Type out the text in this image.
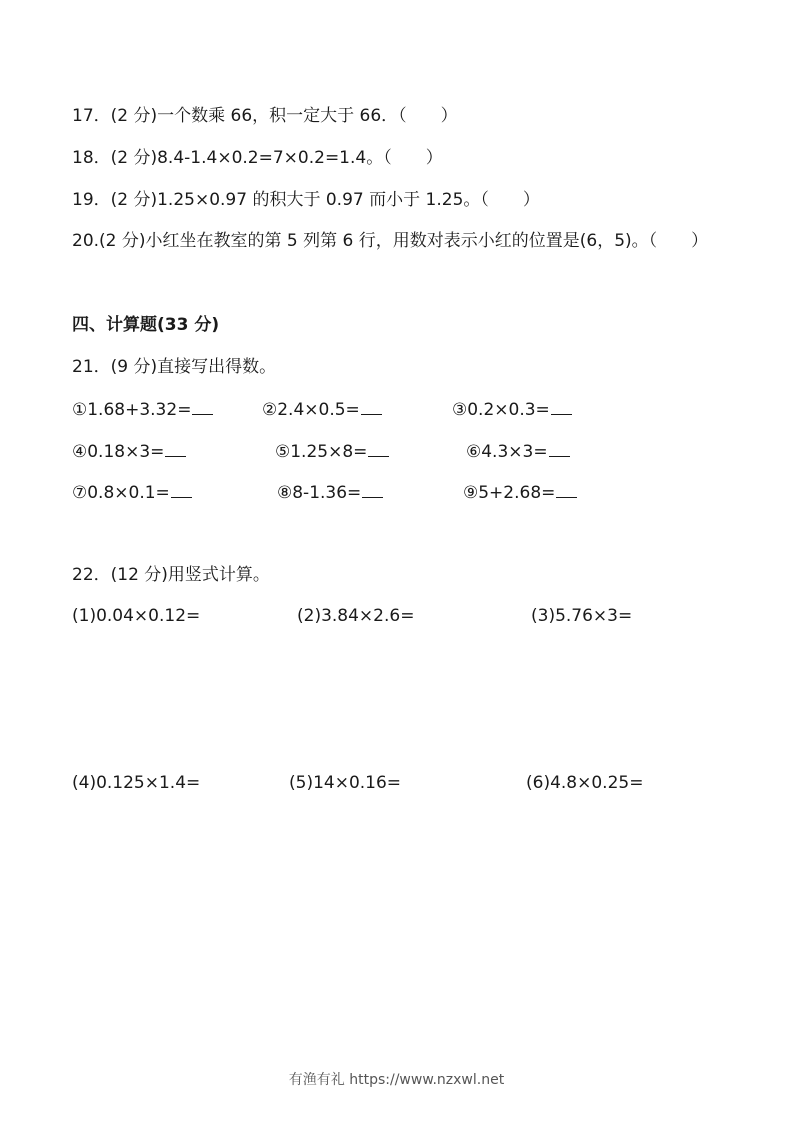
17．(2 分)一个数乘 66，积一定大于 66．（　　）
18．(2 分)8.4-1.4×0.2=7×0.2=1.4。（　　）
19．(2 分)1.25×0.97 的积大于 0.97 而小于 1.25。（　　）
20.(2 分)小红坐在教室的第 5 列第 6 行，用数对表示小红的位置是(6，5)。（　　）
四、计算题(33 分)
21．(9 分)直接写出得数。
①1.68+3.32=	②2.4×0.5=	③0.2×0.3=
④0.18×3=	⑤1.25×8=	⑥4.3×3=
⑦0.8×0.1=	⑧8-1.36=	⑨5+2.68=
22．(12 分)用竖式计算。
(1)0.04×0.12=	(2)3.84×2.6=	(3)5.76×3=
(4)0.125×1.4=	(5)14×0.16=	(6)4.8×0.25=
有渔有礼 https://www.nzxwl.net
